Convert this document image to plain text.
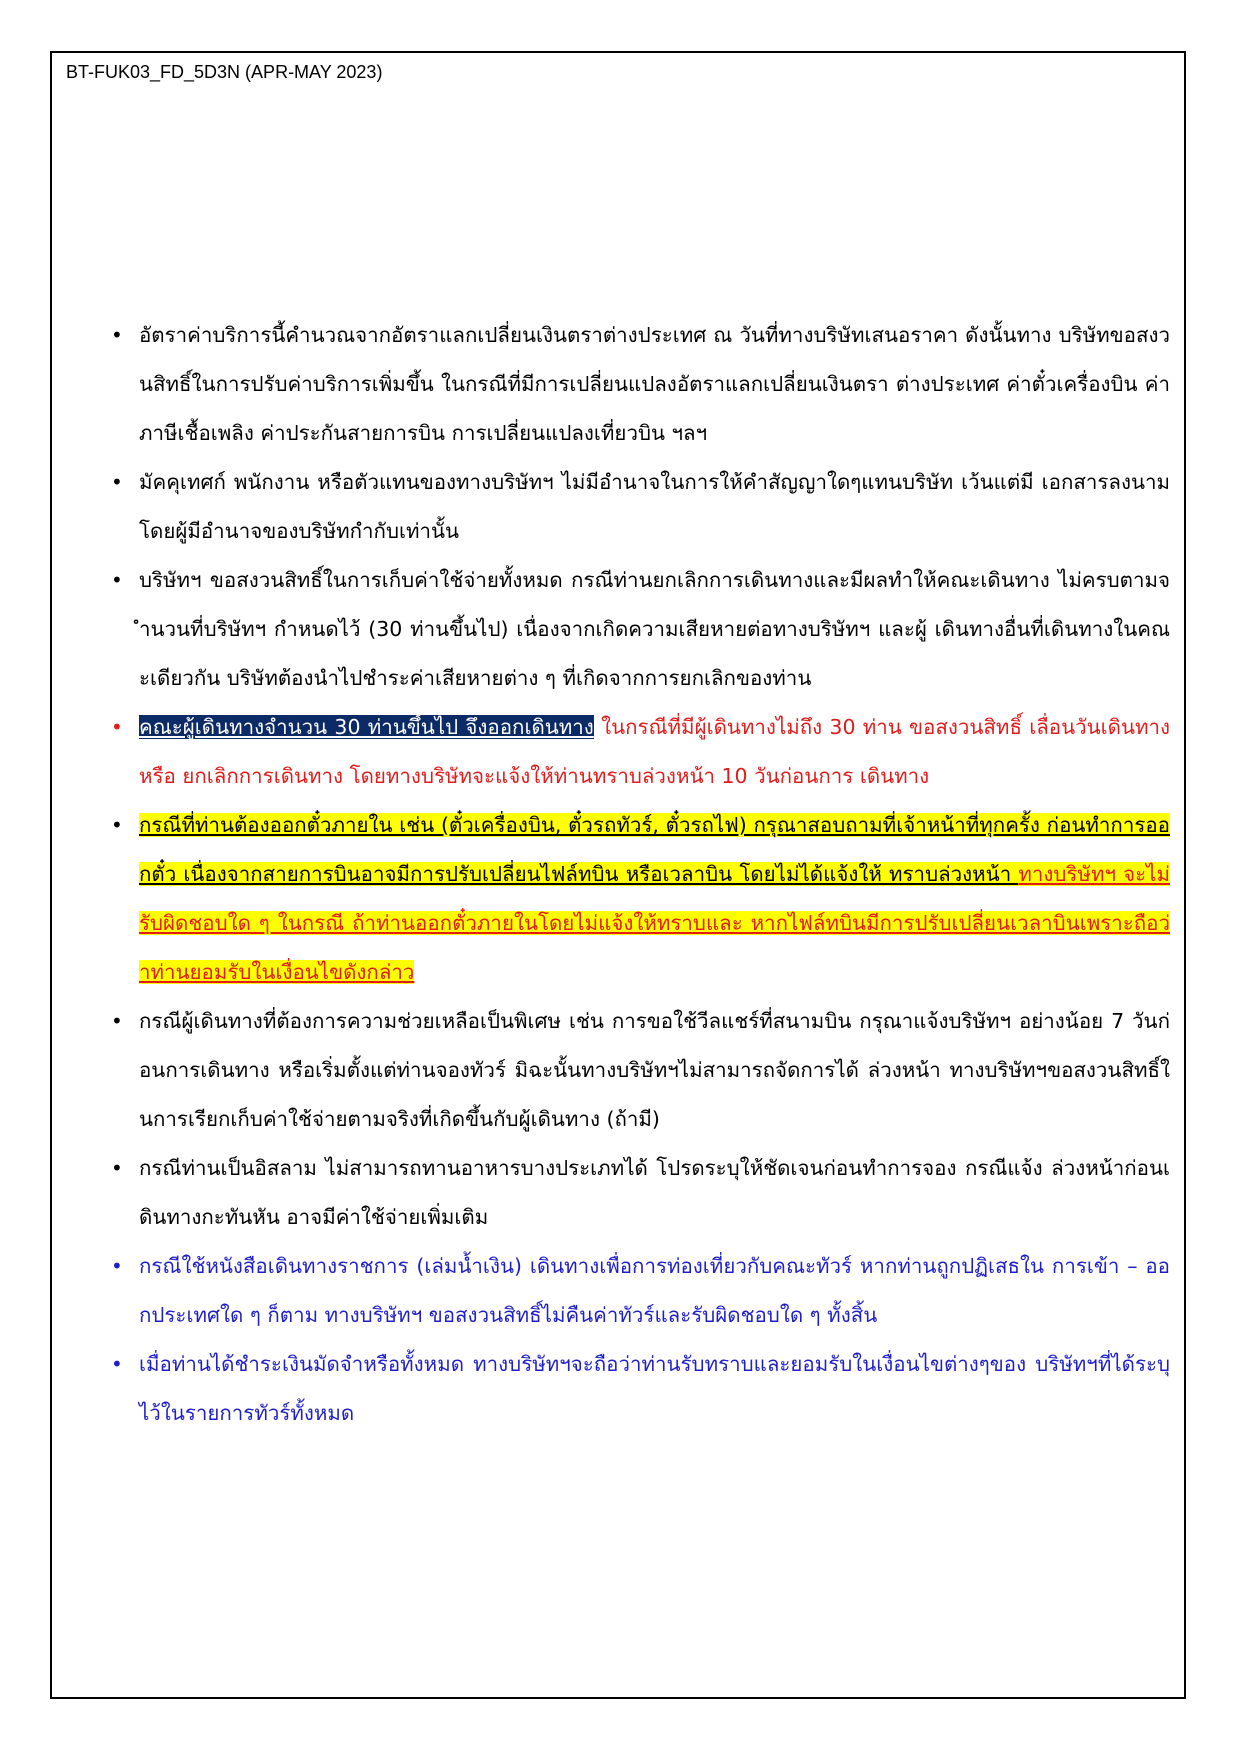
BT-FUK03_FD_5D3N (APR-MAY 2023)
• อัตราค่าบริการนี้คำนวณจากอัตราแลกเปลี่ยนเงินตราต่างประเทศ ณ วันที่ทางบริษัทเสนอราคา ดังนั้นทาง บริษัทขอสงวนสิทธิ์ในการปรับค่าบริการเพิ่มขึ้น ในกรณีที่มีการเปลี่ยนแปลงอัตราแลกเปลี่ยนเงินตรา ต่างประเทศ ค่าตั๋วเครื่องบิน ค่าภาษีเชื้อเพลิง ค่าประกันสายการบิน การเปลี่ยนแปลงเที่ยวบิน ฯลฯ
• มัคคุเทศก์ พนักงาน หรือตัวแทนของทางบริษัทฯ ไม่มีอำนาจในการให้คำสัญญาใดๆแทนบริษัท เว้นแต่มี เอกสารลงนามโดยผู้มีอำนาจของบริษัทกำกับเท่านั้น
• บริษัทฯ ขอสงวนสิทธิ์ในการเก็บค่าใช้จ่ายทั้งหมด กรณีท่านยกเลิกการเดินทางและมีผลทำให้คณะเดินทาง ไม่ครบตามจำนวนที่บริษัทฯ กำหนดไว้ (30 ท่านขึ้นไป) เนื่องจากเกิดความเสียหายต่อทางบริษัทฯ และผู้ เดินทางอื่นที่เดินทางในคณะเดียวกัน บริษัทต้องนำไปชำระค่าเสียหายต่าง ๆ ที่เกิดจากการยกเลิกของท่าน
• คณะผู้เดินทางจำนวน 30 ท่านขึ้นไป จึงออกเดินทาง ในกรณีที่มีผู้เดินทางไม่ถึง 30 ท่าน ขอสงวนสิทธิ์ เลื่อนวันเดินทาง หรือ ยกเลิกการเดินทาง โดยทางบริษัทจะแจ้งให้ท่านทราบล่วงหน้า 10 วันก่อนการ เดินทาง
• กรณีที่ท่านต้องออกตั๋วภายใน เช่น (ตั๋วเครื่องบิน, ตั๋วรถทัวร์, ตั๋วรถไฟ) กรุณาสอบถามที่เจ้าหน้าที่ทุกครั้ง ก่อนทำการออกตั๋ว เนื่องจากสายการบินอาจมีการปรับเปลี่ยนไฟล์ทบิน หรือเวลาบิน โดยไม่ได้แจ้งให้ ทราบล่วงหน้า ทางบริษัทฯ จะไม่รับผิดชอบใด ๆ ในกรณี ถ้าท่านออกตั๋วภายในโดยไม่แจ้งให้ทราบและ หากไฟล์ทบินมีการปรับเปลี่ยนเวลาบินเพราะถือว่าท่านยอมรับในเงื่อนไขดังกล่าว
• กรณีผู้เดินทางที่ต้องการความช่วยเหลือเป็นพิเศษ เช่น การขอใช้วีลแชร์ที่สนามบิน กรุณาแจ้งบริษัทฯ อย่างน้อย 7 วันก่อนการเดินทาง หรือเริ่มตั้งแต่ท่านจองทัวร์ มิฉะนั้นทางบริษัทฯไม่สามารถจัดการได้ ล่วงหน้า ทางบริษัทฯขอสงวนสิทธิ์ในการเรียกเก็บค่าใช้จ่ายตามจริงที่เกิดขึ้นกับผู้เดินทาง (ถ้ามี)
• กรณีท่านเป็นอิสลาม ไม่สามารถทานอาหารบางประเภทได้ โปรดระบุให้ชัดเจนก่อนทำการจอง กรณีแจ้ง ล่วงหน้าก่อนเดินทางกะทันหัน อาจมีค่าใช้จ่ายเพิ่มเติม
• กรณีใช้หนังสือเดินทางราชการ (เล่มน้ำเงิน) เดินทางเพื่อการท่องเที่ยวกับคณะทัวร์ หากท่านถูกปฏิเสธใน การเข้า – ออกประเทศใด ๆ ก็ตาม ทางบริษัทฯ ขอสงวนสิทธิ์ไม่คืนค่าทัวร์และรับผิดชอบใด ๆ ทั้งสิ้น
• เมื่อท่านได้ชำระเงินมัดจำหรือทั้งหมด ทางบริษัทฯจะถือว่าท่านรับทราบและยอมรับในเงื่อนไขต่างๆของ บริษัทฯที่ได้ระบุไว้ในรายการทัวร์ทั้งหมด
